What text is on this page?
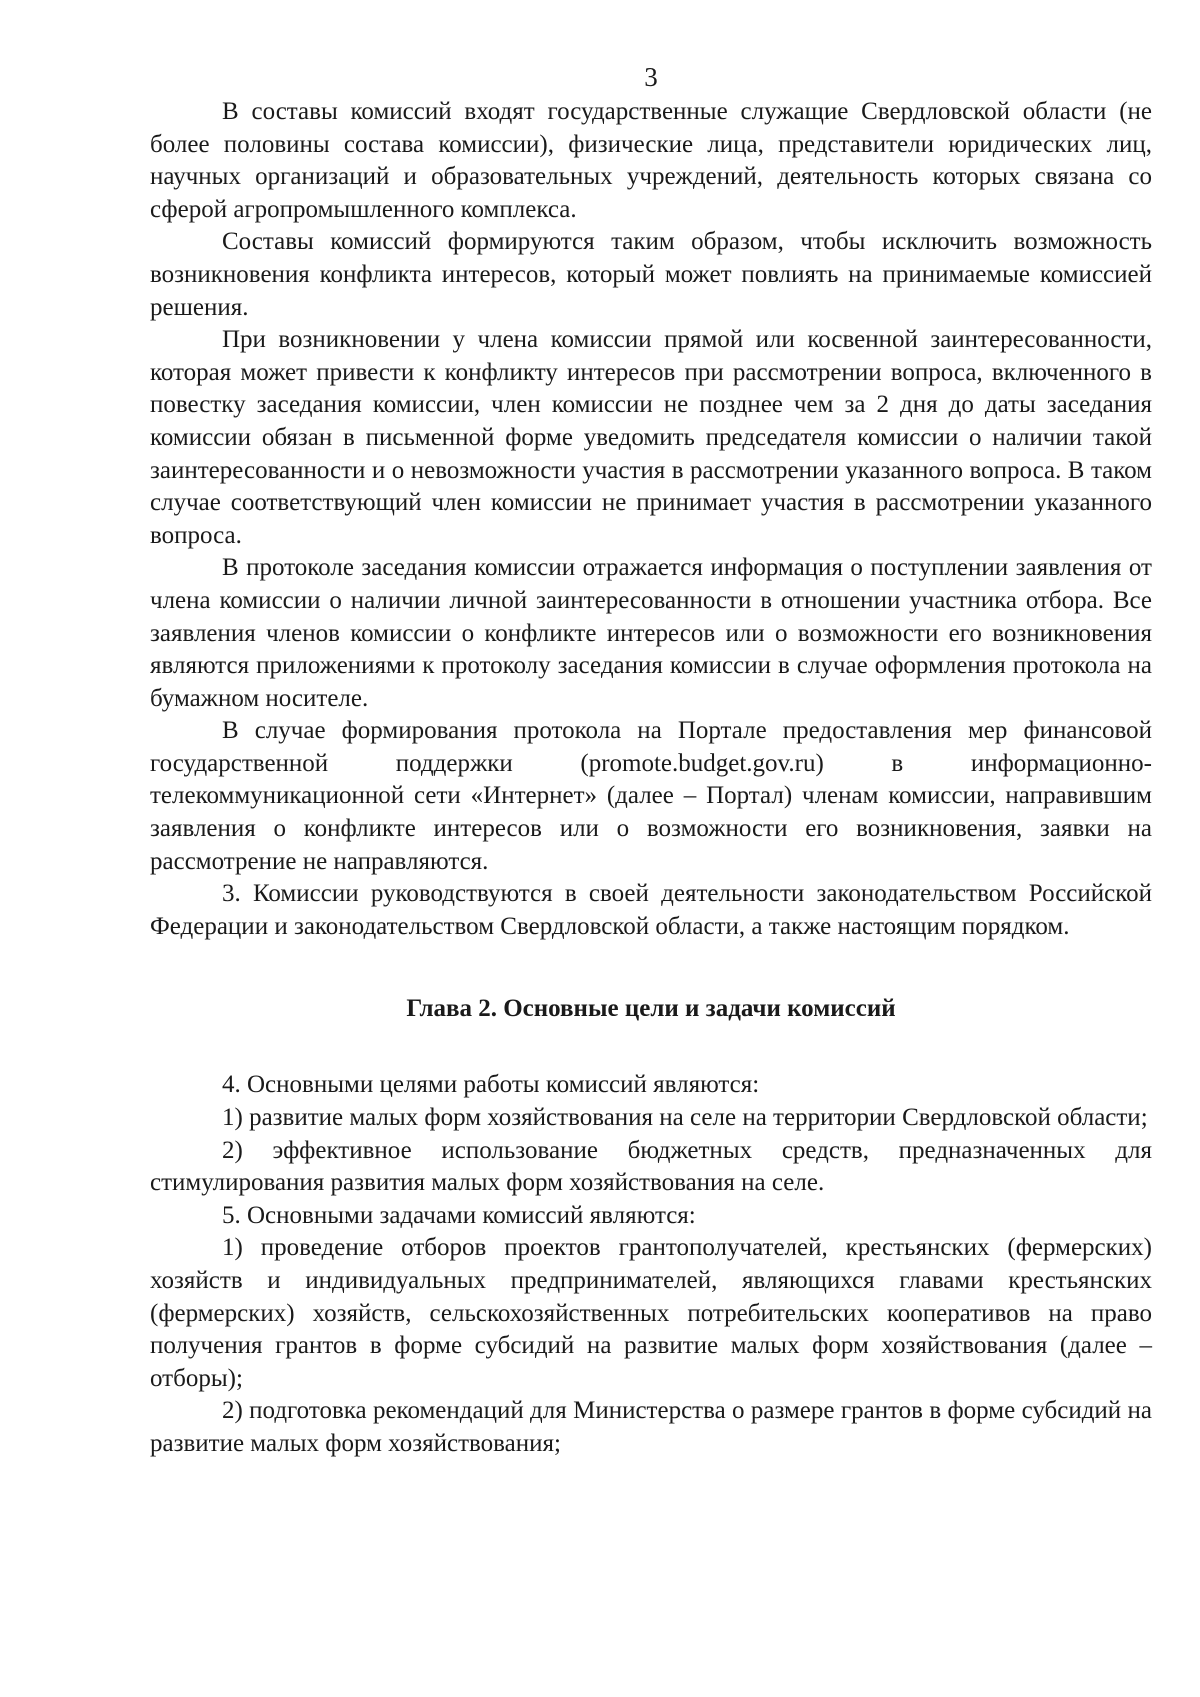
3

В составы комиссий входят государственные служащие Свердловской области (не более половины состава комиссии), физические лица, представители юридических лиц, научных организаций и образовательных учреждений, деятельность которых связана со сферой агропромышленного комплекса.

Составы комиссий формируются таким образом, чтобы исключить возможность возникновения конфликта интересов, который может повлиять на принимаемые комиссией решения.

При возникновении у члена комиссии прямой или косвенной заинтересованности, которая может привести к конфликту интересов при рассмотрении вопроса, включенного в повестку заседания комиссии, член комиссии не позднее чем за 2 дня до даты заседания комиссии обязан в письменной форме уведомить председателя комиссии о наличии такой заинтересованности и о невозможности участия в рассмотрении указанного вопроса. В таком случае соответствующий член комиссии не принимает участия в рассмотрении указанного вопроса.

В протоколе заседания комиссии отражается информация о поступлении заявления от члена комиссии о наличии личной заинтересованности в отношении участника отбора. Все заявления членов комиссии о конфликте интересов или о возможности его возникновения являются приложениями к протоколу заседания комиссии в случае оформления протокола на бумажном носителе.

В случае формирования протокола на Портале предоставления мер финансовой государственной поддержки (promote.budget.gov.ru) в информационно-телекоммуникационной сети «Интернет» (далее – Портал) членам комиссии, направившим заявления о конфликте интересов или о возможности его возникновения, заявки на рассмотрение не направляются.

3. Комиссии руководствуются в своей деятельности законодательством Российской Федерации и законодательством Свердловской области, а также настоящим порядком.

Глава 2. Основные цели и задачи комиссий

4. Основными целями работы комиссий являются:

1) развитие малых форм хозяйствования на селе на территории Свердловской области;

2) эффективное использование бюджетных средств, предназначенных для стимулирования развития малых форм хозяйствования на селе.

5. Основными задачами комиссий являются:

1) проведение отборов проектов грантополучателей, крестьянских (фермерских) хозяйств и индивидуальных предпринимателей, являющихся главами крестьянских (фермерских) хозяйств, сельскохозяйственных потребительских кооперативов на право получения грантов в форме субсидий на развитие малых форм хозяйствования (далее – отборы);

2) подготовка рекомендаций для Министерства о размере грантов в форме субсидий на развитие малых форм хозяйствования;
